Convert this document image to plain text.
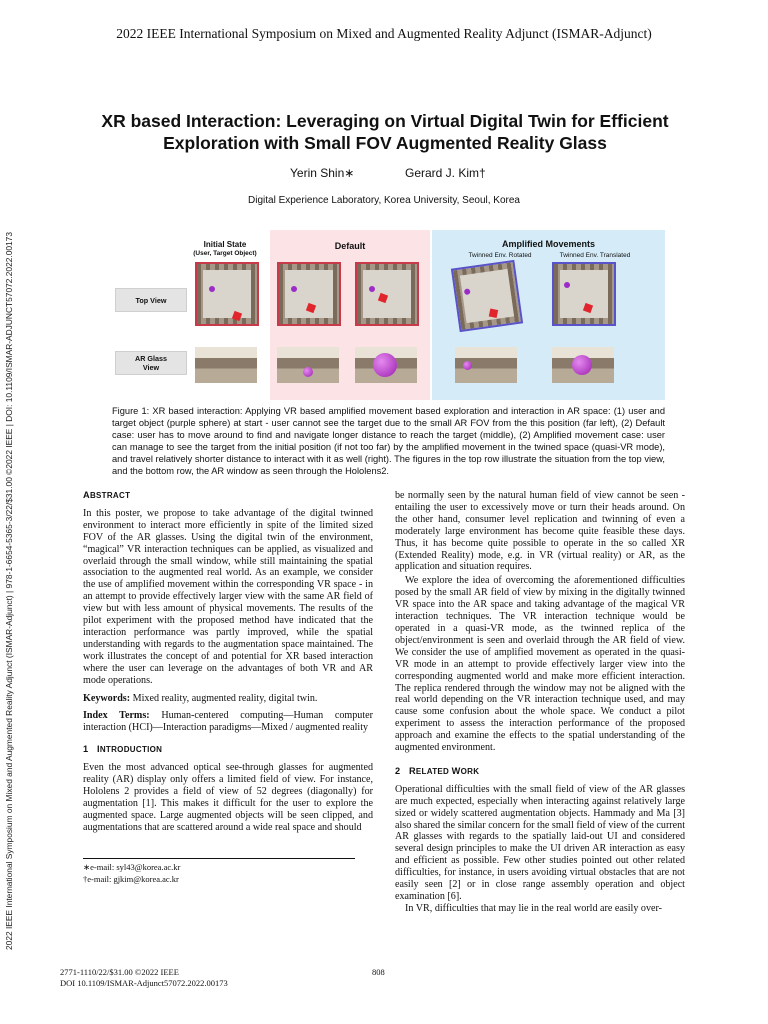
2022 IEEE International Symposium on Mixed and Augmented Reality Adjunct (ISMAR-Adjunct)
2022 IEEE International Symposium on Mixed and Augmented Reality Adjunct (ISMAR-Adjunct) | 978-1-6654-5365-3/22/$31.00 ©2022 IEEE | DOI: 10.1109/ISMAR-ADJUNCT57072.2022.00173
XR based Interaction: Leveraging on Virtual Digital Twin for Efficient
Exploration with Small FOV Augmented Reality Glass
Yerin Shin∗	Gerard J. Kim†
Digital Experience Laboratory, Korea University, Seoul, Korea
Initial State
(User, Target Object)
Default	Amplified Movements
Twinned Env. Rotated	Twinned Env. Translated
Top View
AR Glass
View
Figure 1: XR based interaction: Applying VR based amplified movement based exploration and interaction in AR space: (1) user and target object (purple sphere) at start - user cannot see the target due to the small AR FOV from the this position (far left), (2) Default case: user has to move around to find and navigate longer distance to reach the target (middle), (2) Amplified movement case: user can manage to see the target from the initial position (if not too far) by the amplified movement in the twined space (quasi-VR mode), and travel relatively shorter distance to interact with it as well (right). The figures in the top row illustrate the situation from the top view, and the bottom row, the AR window as seen through the Hololens2.
ABSTRACT

In this poster, we propose to take advantage of the digital twinned environment to interact more efficiently in spite of the limited sized FOV of the AR glasses. Using the digital twin of the environment, “magical” VR interaction techniques can be applied, as visualized and overlaid through the small window, while still maintaining the spatial association to the augmented real world. As an example, we consider the use of amplified movement within the corresponding VR space - in an attempt to provide effectively larger view with the same AR field of view but with less amount of physical movements. The results of the pilot experiment with the proposed method have indicated that the interaction performance was partly improved, while the spatial understanding with regards to the augmentation space maintained. The work illustrates the concept of and potential for XR based interaction where the user can leverage on the advantages of both VR and AR mode operations.

Keywords: Mixed reality, augmented reality, digital twin.

Index Terms: Human-centered computing—Human computer interaction (HCI)—Interaction paradigms—Mixed / augmented reality

1 INTRODUCTION

Even the most advanced optical see-through glasses for augmented reality (AR) display only offers a limited field of view. For instance, Hololens 2 provides a field of view of 52 degrees (diagonally) for augmentation [1]. This makes it difficult for the user to explore the augmented space. Large augmented objects will be seen clipped, and augmentations that are scattered around a wide real space and should

∗e-mail: syl43@korea.ac.kr
†e-mail: gjkim@korea.ac.kr

be normally seen by the natural human field of view cannot be seen - entailing the user to excessively move or turn their heads around. On the other hand, consumer level replication and twinning of even a moderately large environment has become quite feasible these days. Thus, it has become quite possible to operate in the so called XR (Extended Reality) mode, e.g. in VR (virtual reality) or AR, as the application and situation requires.

We explore the idea of overcoming the aforementioned difficulties posed by the small AR field of view by mixing in the digitally twinned VR space into the AR space and taking advantage of the magical VR interaction techniques. The VR interaction technique would be operated in a quasi-VR mode, as the twinned replica of the object/environment is seen and overlaid through the AR field of view. We consider the use of amplified movement as operated in the quasi-VR mode in an attempt to provide effectively larger view into the corresponding augmented world and make more efficient interaction. The replica rendered through the window may not be aligned with the real world depending on the VR interaction technique used, and may cause some confusion about the whole space. We conduct a pilot experiment to assess the interaction performance of the proposed approach and examine the effects to the spatial understanding of the augmented environment.

2 RELATED WORK

Operational difficulties with the small field of view of the AR glasses are much expected, especially when interacting against relatively large sized or widely scattered augmentation objects. Hammady and Ma [3] also shared the similar concern for the small field of view of the current AR glasses with regards to the spatially laid-out UI and considered several design principles to make the UI driven AR interaction as easy and efficient as possible. Few other studies pointed out other related difficulties, for instance, in users avoiding virtual obstacles that are not easily seen [2] or in close range assembly operation and object examination [6].

In VR, difficulties that may lie in the real world are easily over-

2771-1110/22/$31.00 ©2022 IEEE
DOI 10.1109/ISMAR-Adjunct57072.2022.00173
808
